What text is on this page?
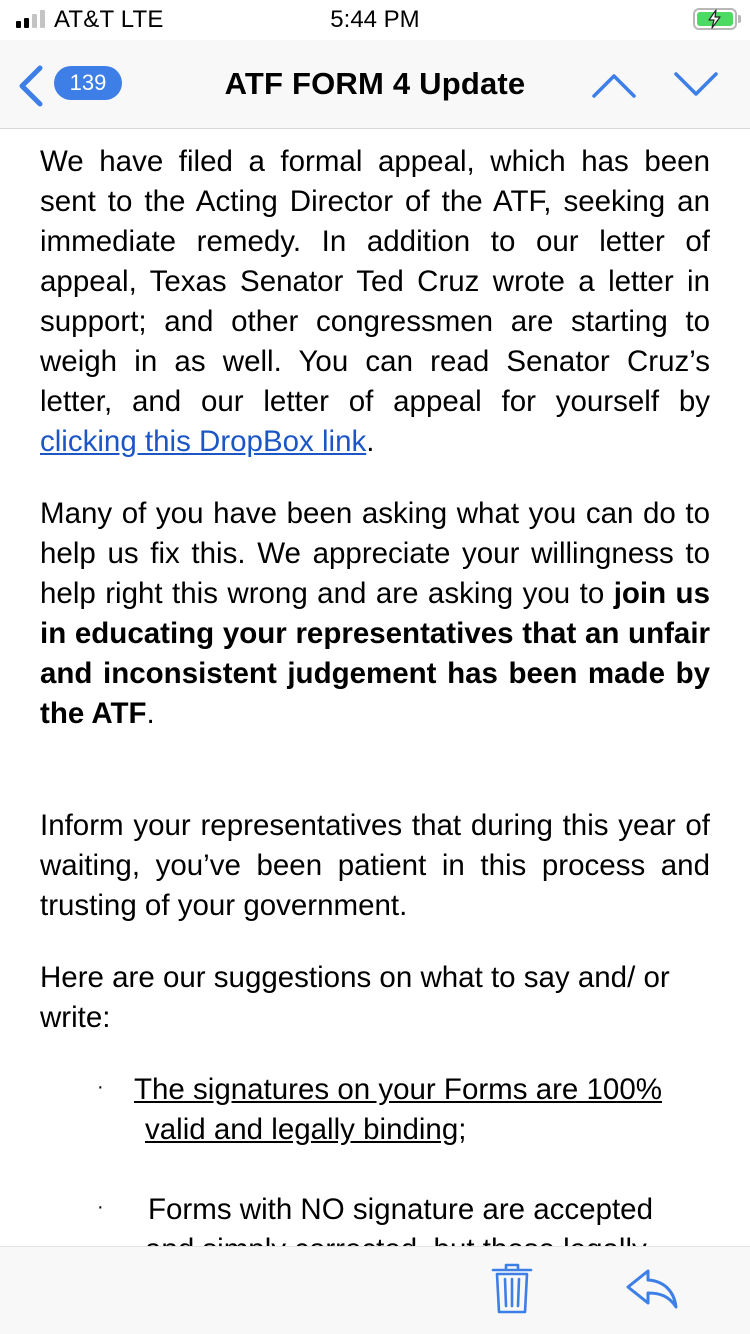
AT&T LTE	5:44 PM
139	ATF FORM 4 Update
We have filed a formal appeal, which has been sent to the Acting Director of the ATF, seeking an immediate remedy. In addition to our letter of appeal, Texas Senator Ted Cruz wrote a letter in support; and other congressmen are starting to weigh in as well. You can read Senator Cruz’s letter, and our letter of appeal for yourself by clicking this DropBox link.
Many of you have been asking what you can do to help us fix this. We appreciate your willingness to help right this wrong and are asking you to join us in educating your representatives that an unfair and inconsistent judgement has been made by the ATF.
Inform your representatives that during this year of waiting, you’ve been patient in this process and trusting of your government.
Here are our suggestions on what to say and/ or write:
· The signatures on your Forms are 100%
valid and legally binding;
· Forms with NO signature are accepted
